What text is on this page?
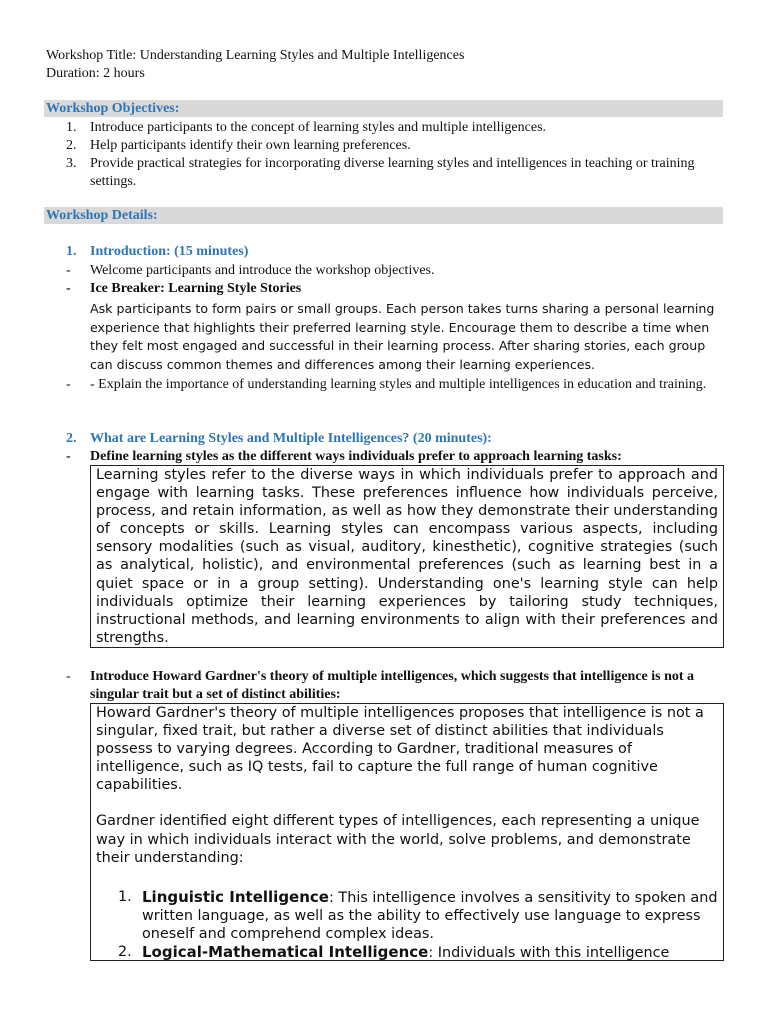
Workshop Title: Understanding Learning Styles and Multiple Intelligences
Duration: 2 hours
Workshop Objectives:
1. Introduce participants to the concept of learning styles and multiple intelligences.
2. Help participants identify their own learning preferences.
3. Provide practical strategies for incorporating diverse learning styles and intelligences in teaching or training settings.
Workshop Details:
1. Introduction: (15 minutes)
- Welcome participants and introduce the workshop objectives.
- Ice Breaker: Learning Style Stories
Ask participants to form pairs or small groups. Each person takes turns sharing a personal learning experience that highlights their preferred learning style. Encourage them to describe a time when they felt most engaged and successful in their learning process. After sharing stories, each group can discuss common themes and differences among their learning experiences.
- - Explain the importance of understanding learning styles and multiple intelligences in education and training.
2. What are Learning Styles and Multiple Intelligences? (20 minutes):
- Define learning styles as the different ways individuals prefer to approach learning tasks:

Learning styles refer to the diverse ways in which individuals prefer to approach and engage with learning tasks. These preferences influence how individuals perceive, process, and retain information, as well as how they demonstrate their understanding of concepts or skills. Learning styles can encompass various aspects, including sensory modalities (such as visual, auditory, kinesthetic), cognitive strategies (such as analytical, holistic), and environmental preferences (such as learning best in a quiet space or in a group setting). Understanding one's learning style can help individuals optimize their learning experiences by tailoring study techniques, instructional methods, and learning environments to align with their preferences and strengths.

- Introduce Howard Gardner's theory of multiple intelligences, which suggests that intelligence is not a singular trait but a set of distinct abilities:

Howard Gardner's theory of multiple intelligences proposes that intelligence is not a singular, fixed trait, but rather a diverse set of distinct abilities that individuals possess to varying degrees. According to Gardner, traditional measures of intelligence, such as IQ tests, fail to capture the full range of human cognitive capabilities.

Gardner identified eight different types of intelligences, each representing a unique way in which individuals interact with the world, solve problems, and demonstrate their understanding:

1. Linguistic Intelligence: This intelligence involves a sensitivity to spoken and written language, as well as the ability to effectively use language to express oneself and comprehend complex ideas.
2. Logical-Mathematical Intelligence: Individuals with this intelligence
